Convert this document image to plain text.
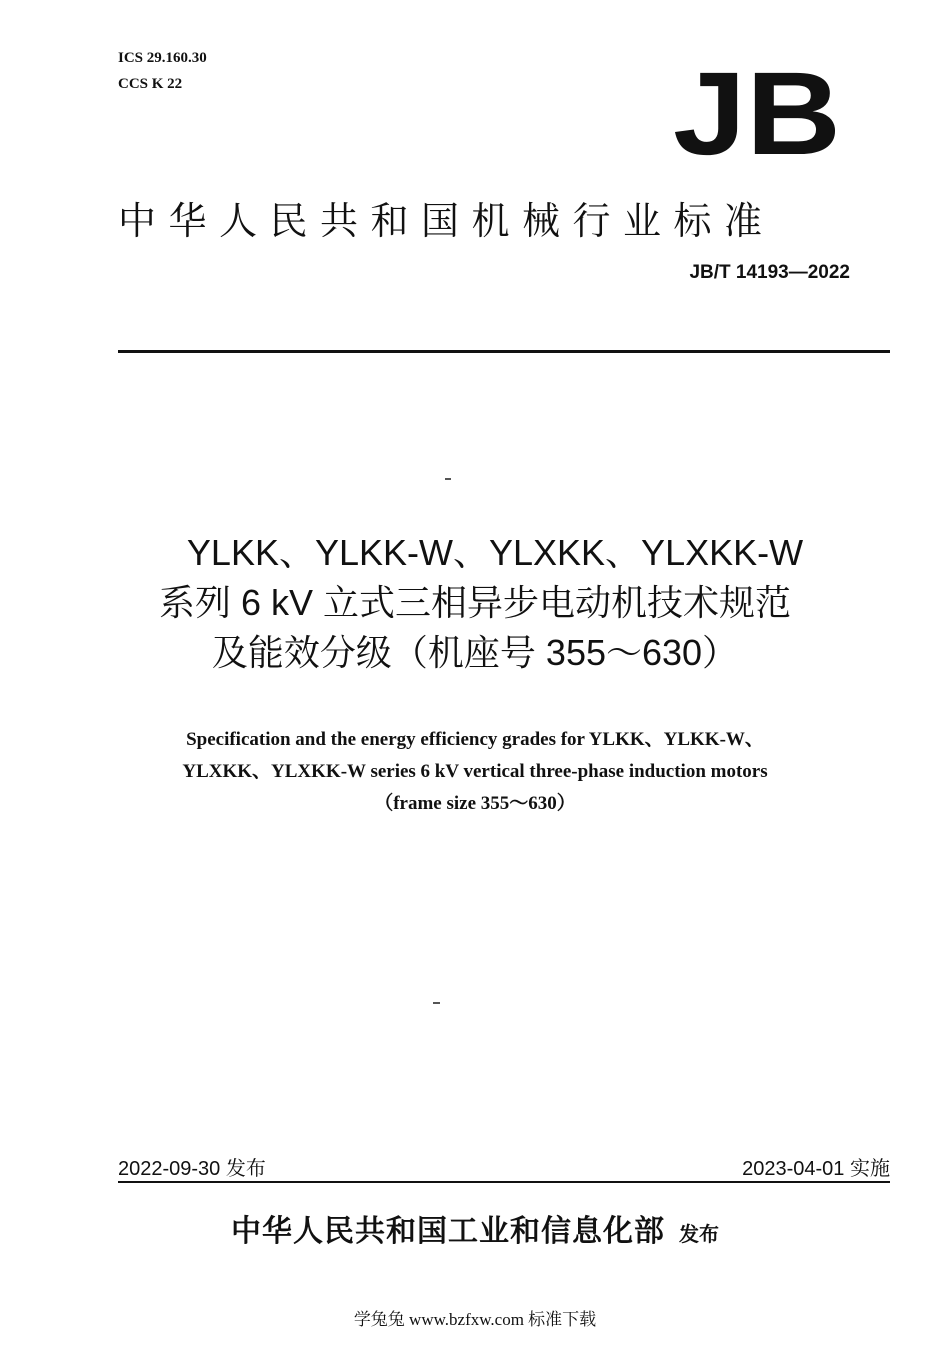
ICS 29.160.30
CCS K 22	JB
中华人民共和国机械行业标准
JB/T 14193—2022
YLKK、YLKK-W、YLXKK、YLXKK-W
系列 6 kV 立式三相异步电动机技术规范
及能效分级（机座号 355～630）
Specification and the energy efficiency grades for YLKK、YLKK-W、
YLXKK、YLXKK-W series 6 kV vertical three-phase induction motors
（frame size 355～630）
2022-09-30 发布	2023-04-01 实施
中华人民共和国工业和信息化部 发布
学兔兔 www.bzfxw.com 标准下载
